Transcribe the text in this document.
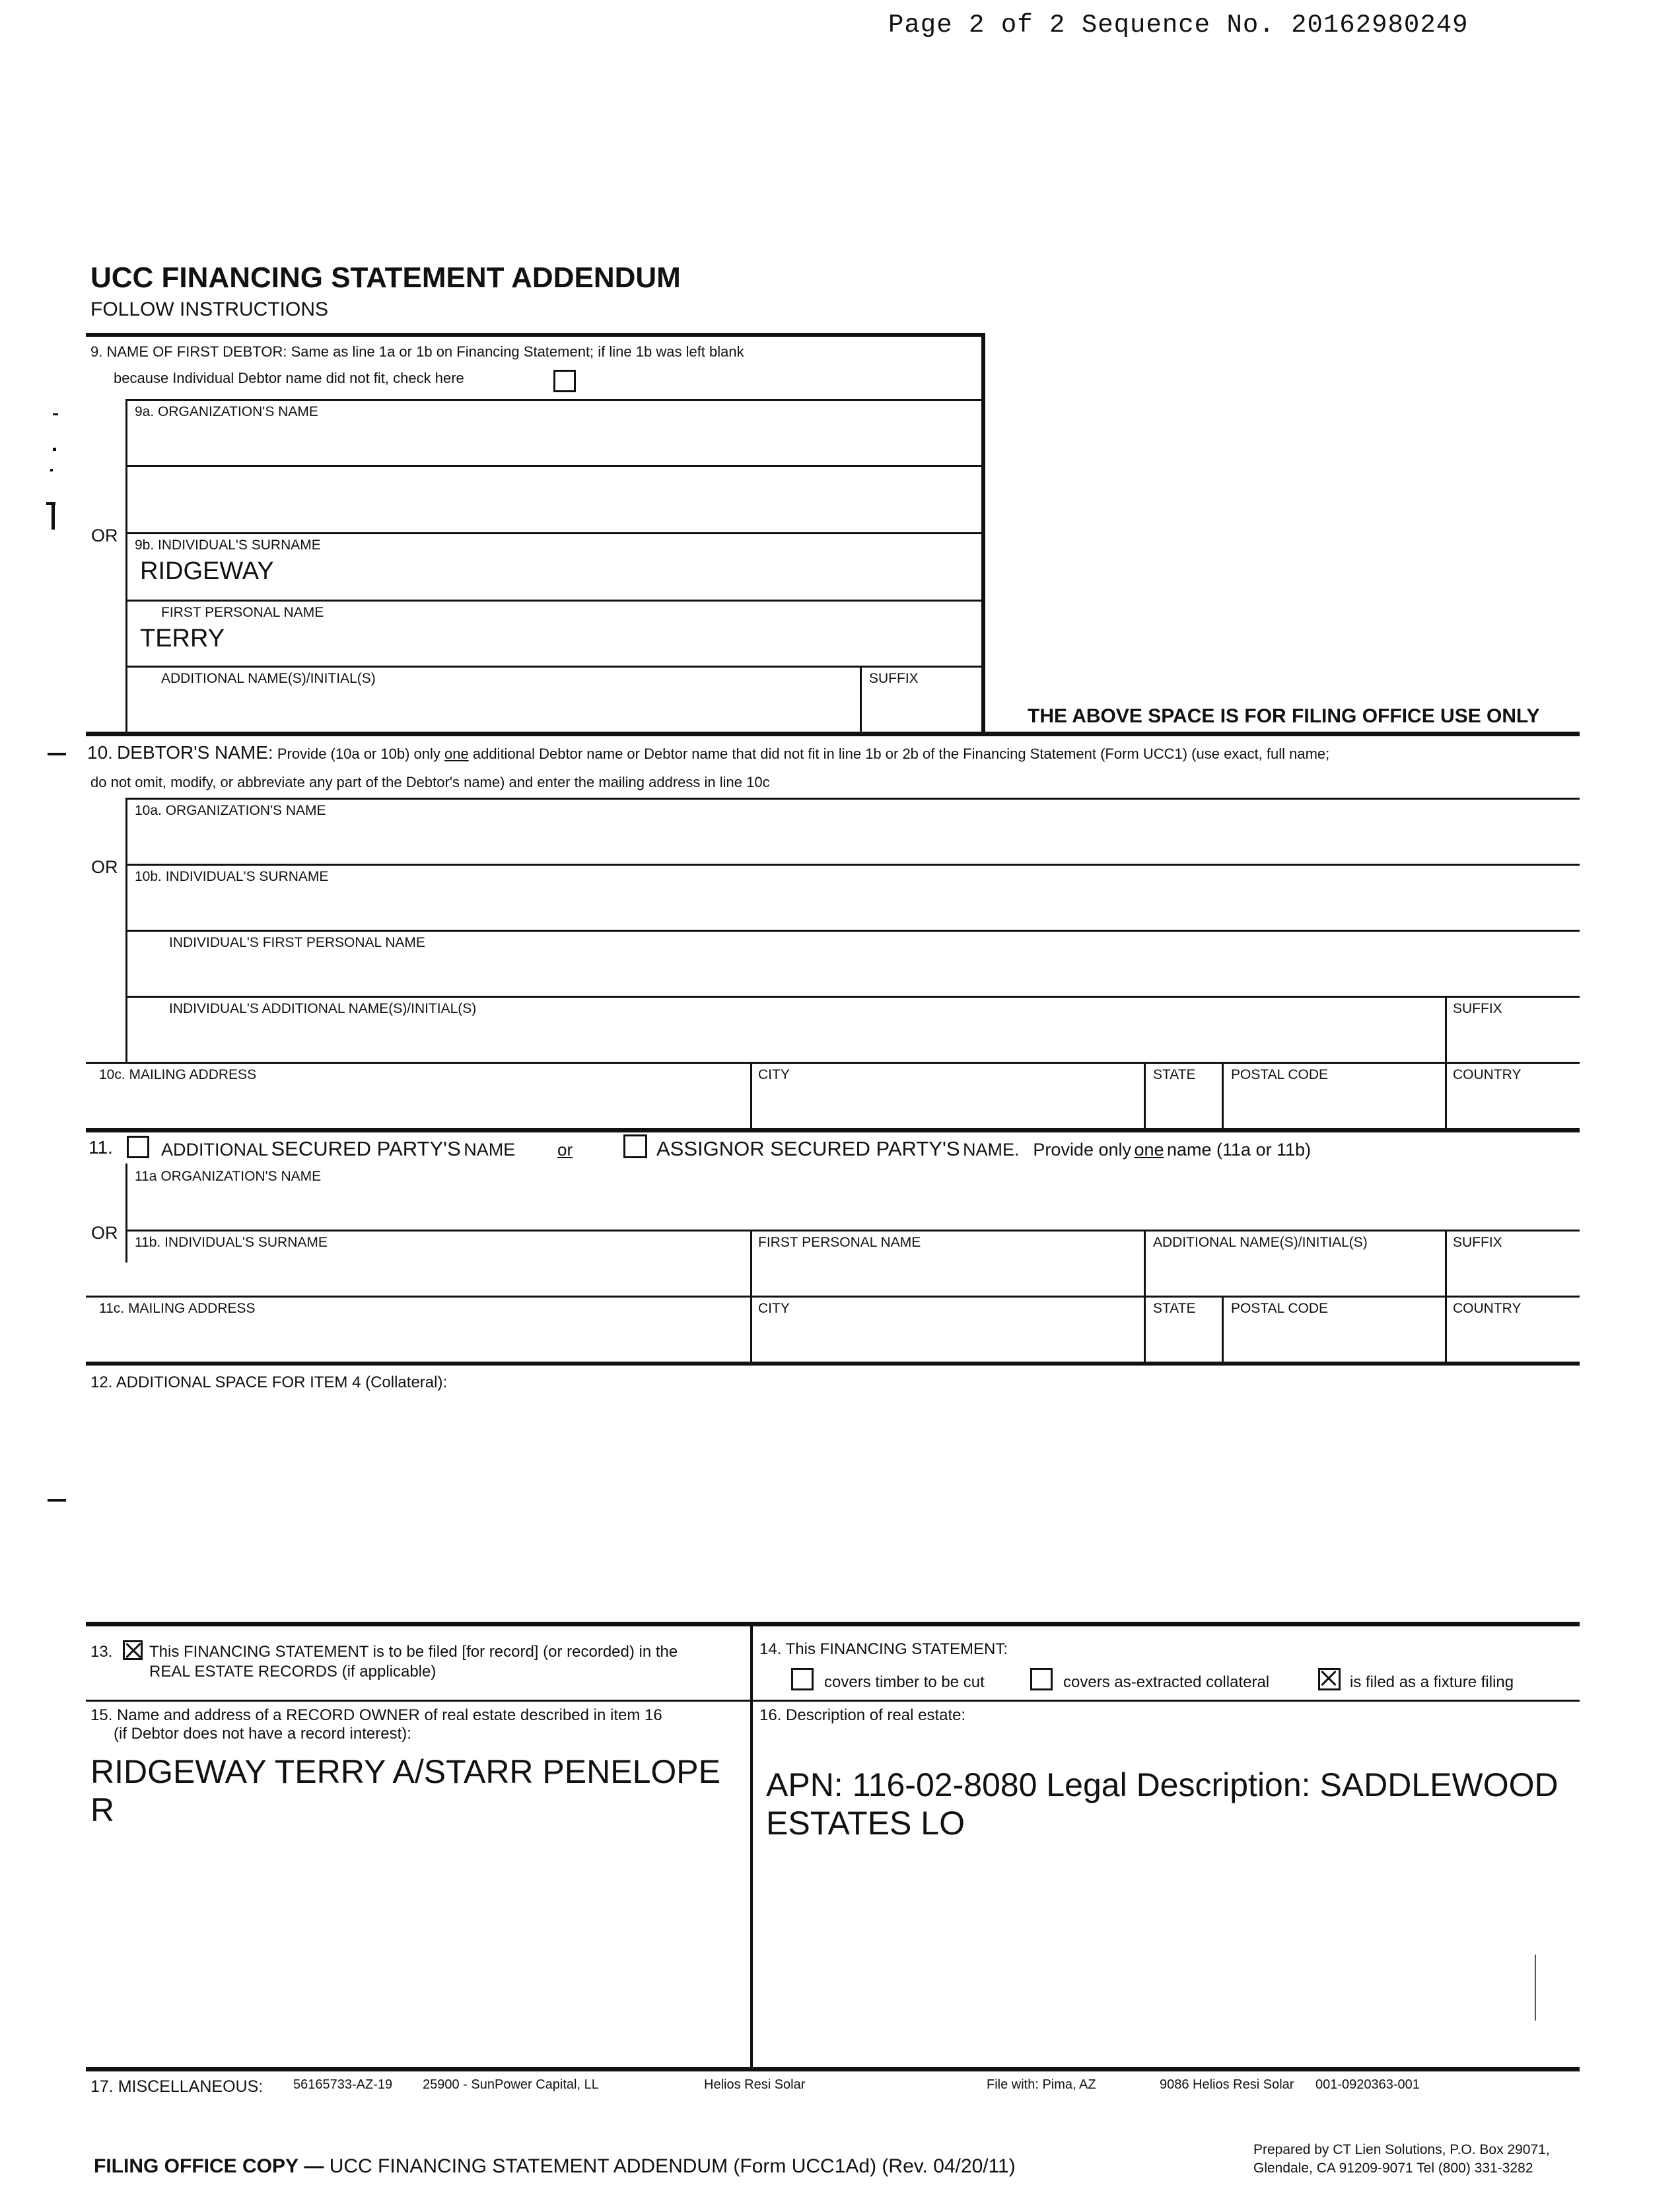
Page 2 of 2 Sequence No. 20162980249
UCC FINANCING STATEMENT ADDENDUM
FOLLOW INSTRUCTIONS
9. NAME OF FIRST DEBTOR: Same as line 1a or 1b on Financing Statement; if line 1b was left blank
because Individual Debtor name did not fit, check here
9a. ORGANIZATION'S NAME
OR 9b. INDIVIDUAL'S SURNAME
RIDGEWAY
FIRST PERSONAL NAME
TERRY
ADDITIONAL NAME(S)/INITIAL(S)	SUFFIX
THE ABOVE SPACE IS FOR FILING OFFICE USE ONLY
10. DEBTOR'S NAME: Provide (10a or 10b) only one additional Debtor name or Debtor name that did not fit in line 1b or 2b of the Financing Statement (Form UCC1) (use exact, full name;
do not omit, modify, or abbreviate any part of the Debtor's name) and enter the mailing address in line 10c
10a. ORGANIZATION'S NAME
OR 10b. INDIVIDUAL'S SURNAME
INDIVIDUAL'S FIRST PERSONAL NAME
INDIVIDUAL'S ADDITIONAL NAME(S)/INITIAL(S)	SUFFIX
10c. MAILING ADDRESS	CITY	STATE	POSTAL CODE	COUNTRY
11.	ADDITIONAL SECURED PARTY'S NAME or	ASSIGNOR SECURED PARTY'S NAME. Provide only one name (11a or 11b)
11a ORGANIZATION'S NAME
OR 11b. INDIVIDUAL'S SURNAME	FIRST PERSONAL NAME	ADDITIONAL NAME(S)/INITIAL(S)	SUFFIX
11c. MAILING ADDRESS	CITY	STATE	POSTAL CODE	COUNTRY
12. ADDITIONAL SPACE FOR ITEM 4 (Collateral):
13. This FINANCING STATEMENT is to be filed [for record] (or recorded) in the
REAL ESTATE RECORDS (if applicable)
14. This FINANCING STATEMENT:
covers timber to be cut	covers as-extracted collateral	is filed as a fixture filing
15. Name and address of a RECORD OWNER of real estate described in item 16
(if Debtor does not have a record interest):
RIDGEWAY TERRY A/STARR PENELOPE R
16. Description of real estate:
APN: 116-02-8080 Legal Description: SADDLEWOOD ESTATES LO
17. MISCELLANEOUS: 56165733-AZ-19 25900 - SunPower Capital, LL	Helios Resi Solar	File with: Pima, AZ	9086 Helios Resi Solar 001-0920363-001
FILING OFFICE COPY — UCC FINANCING STATEMENT ADDENDUM (Form UCC1Ad) (Rev. 04/20/11)
Prepared by CT Lien Solutions, P.O. Box 29071,
Glendale, CA 91209-9071 Tel (800) 331-3282
